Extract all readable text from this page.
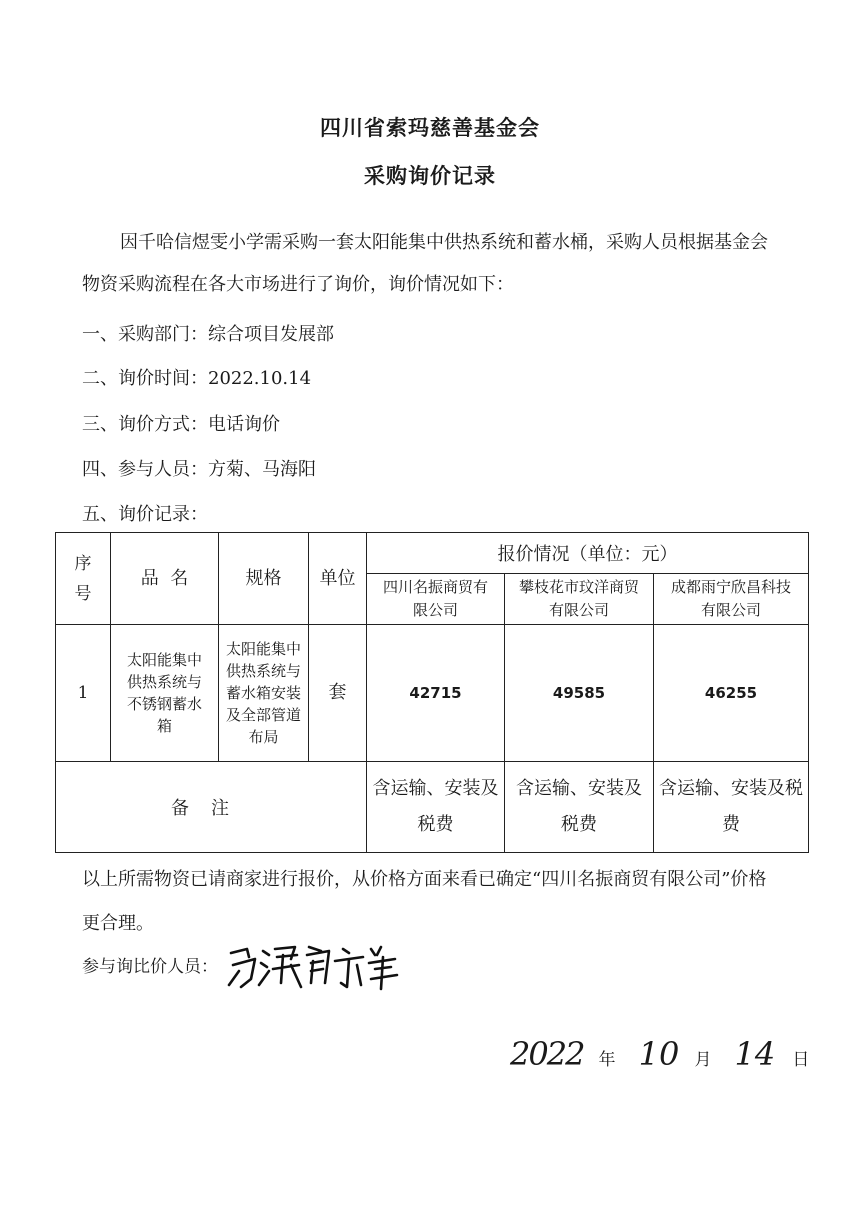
四川省索玛慈善基金会
采购询价记录
因千哈信煜雯小学需采购一套太阳能集中供热系统和蓄水桶，采购人员根据基金会物资采购流程在各大市场进行了询价，询价情况如下：
一、采购部门：综合项目发展部
二、询价时间：2022.10.14
三、询价方式：电话询价
四、参与人员：方菊、马海阳
五、询价记录：
序号	品  名	规格	单位	报价情况（单位：元）		

				四川名振商贸有限公司	攀枝花市玟洋商贸有限公司	成都雨宁欣昌科技有限公司

1	太阳能集中供热系统与不锈钢蓄水箱	太阳能集中供热系统与蓄水箱安装及全部管道布局	套	42715	49585	46255
备注				含运输、安装及税费	含运输、安装及税费	含运输、安装及税费
以上所需物资已请商家进行报价，从价格方面来看已确定“四川名振商贸有限公司”价格更合理。
参与询比价人员：
2022 年 10 月 14 日
